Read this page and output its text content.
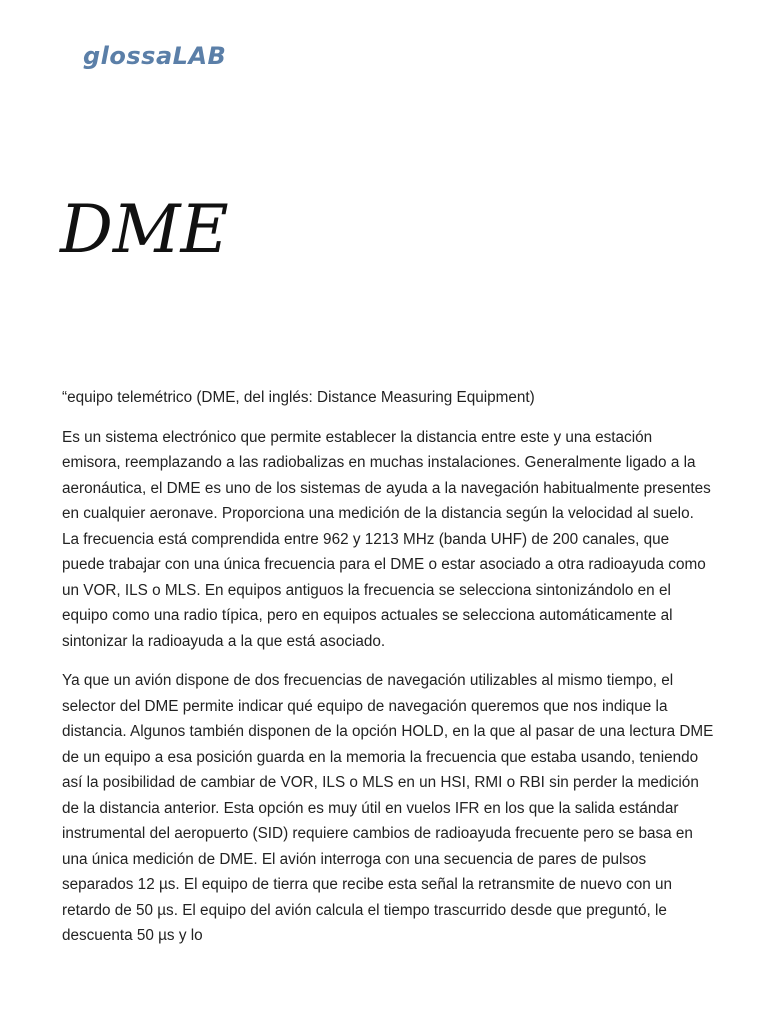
glossaLAB
DME

“equipo telemétrico (DME, del inglés: Distance Measuring Equipment)

Es un sistema electrónico que permite establecer la distancia entre este y una estación emisora, reemplazando a las radiobalizas en muchas instalaciones. Generalmente ligado a la aeronáutica, el DME es uno de los sistemas de ayuda a la navegación habitualmente presentes en cualquier aeronave. Proporciona una medición de la distancia según la velocidad al suelo. La frecuencia está comprendida entre 962 y 1213 MHz (banda UHF) de 200 canales, que puede trabajar con una única frecuencia para el DME o estar asociado a otra radioayuda como un VOR, ILS o MLS. En equipos antiguos la frecuencia se selecciona sintonizándolo en el equipo como una radio típica, pero en equipos actuales se selecciona automáticamente al sintonizar la radioayuda a la que está asociado.

Ya que un avión dispone de dos frecuencias de navegación utilizables al mismo tiempo, el selector del DME permite indicar qué equipo de navegación queremos que nos indique la distancia. Algunos también disponen de la opción HOLD, en la que al pasar de una lectura DME de un equipo a esa posición guarda en la memoria la frecuencia que estaba usando, teniendo así la posibilidad de cambiar de VOR, ILS o MLS en un HSI, RMI o RBI sin perder la medición de la distancia anterior. Esta opción es muy útil en vuelos IFR en los que la salida estándar instrumental del aeropuerto (SID) requiere cambios de radioayuda frecuente pero se basa en una única medición de DME. El avión interroga con una secuencia de pares de pulsos separados 12 µs. El equipo de tierra que recibe esta señal la retransmite de nuevo con un retardo de 50 µs. El equipo del avión calcula el tiempo trascurrido desde que preguntó, le descuenta 50 µs y lo
